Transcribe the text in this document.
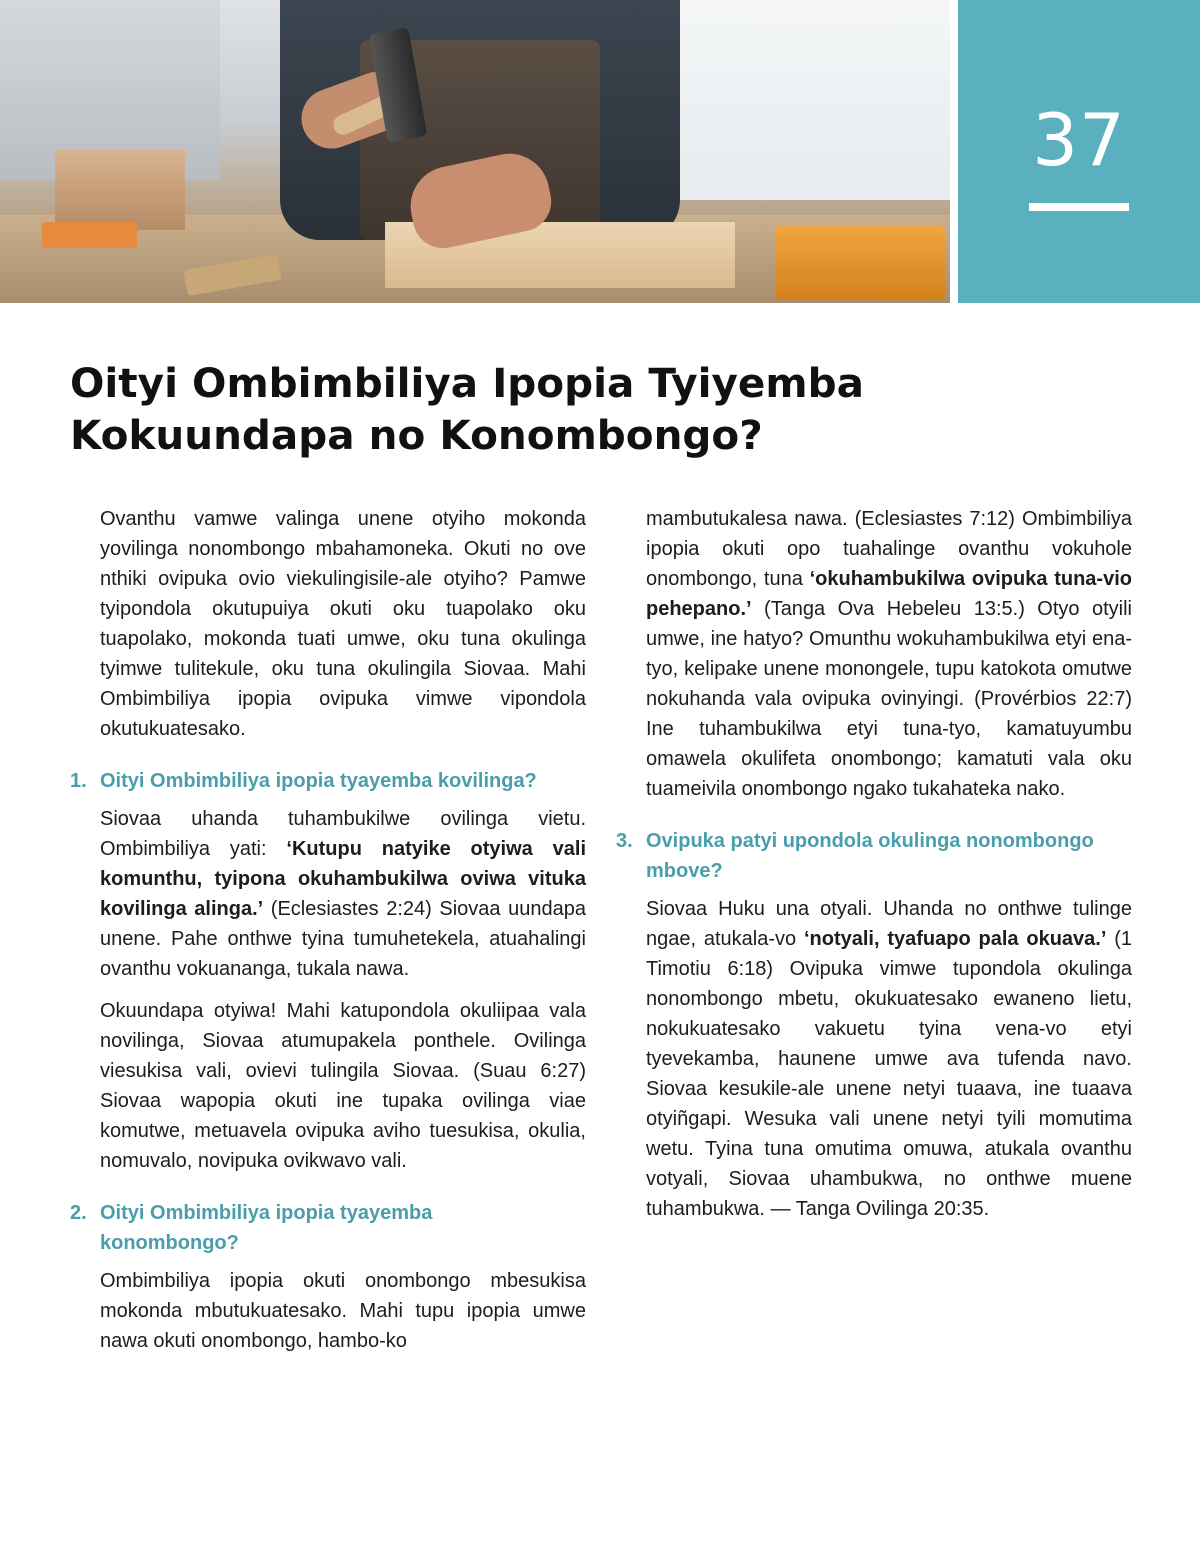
37
Oityi Ombimbiliya Ipopia Tyiyemba Kokuundapa no Konombongo?

Ovanthu vamwe valinga unene otyiho mokonda yovilinga nonombongo mbahamoneka. Okuti no ove nthiki ovipuka ovio viekulingisile-ale otyiho? Pamwe tyipondola okutupuiya okuti oku tuapolako oku tuapolako, mokonda tuati umwe, oku tuna okulinga tyimwe tulitekule, oku tuna okulingila Siovaa. Mahi Ombimbiliya ipopia ovipuka vimwe vipondola okutukuatesako.

1. Oityi Ombimbiliya ipopia tyayemba kovilinga?

Siovaa uhanda tuhambukilwe ovilinga vietu. Ombimbiliya yati: ‘Kutupu natyike otyiwa vali komunthu, tyipona okuhambukilwa oviwa vituka kovilinga alinga.’ (Eclesiastes 2:24) Siovaa uundapa unene. Pahe onthwe tyina tumuhetekela, atuahalingi ovanthu vokuananga, tukala nawa.

Okuundapa otyiwa! Mahi katupondola okuliipaa vala novilinga, Siovaa atumupakela ponthele. Ovilinga viesukisa vali, ovievi tulingila Siovaa. (Suau 6:27) Siovaa wapopia okuti ine tupaka ovilinga viae komutwe, metuavela ovipuka aviho tuesukisa, okulia, nomuvalo, novipuka ovikwavo vali.

2. Oityi Ombimbiliya ipopia tyayemba konombongo?

Ombimbiliya ipopia okuti onombongo mbesukisa mokonda mbutukuatesako. Mahi tupu ipopia umwe nawa okuti onombongo, hambo-ko

mambutukalesa nawa. (Eclesiastes 7:12) Ombimbiliya ipopia okuti opo tuahalinge ovanthu vokuhole onombongo, tuna ‘okuhambukilwa ovipuka tuna-vio pehepano.’ (Tanga Ova Hebeleu 13:5.) Otyo otyili umwe, ine hatyo? Omunthu wokuhambukilwa etyi ena-tyo, kelipake unene monongele, tupu katokota omutwe nokuhanda vala ovipuka ovinyingi. (Provérbios 22:7) Ine tuhambukilwa etyi tuna-tyo, kamatuyumbu omawela okulifeta onombongo; kamatuti vala oku tuameivila onombongo ngako tukahateka nako.

3. Ovipuka patyi upondola okulinga nonombongo mbove?

Siovaa Huku una otyali. Uhanda no onthwe tulinge ngae, atukala-vo ‘notyali, tyafuapo pala okuava.’ (1 Timotiu 6:18) Ovipuka vimwe tupondola okulinga nonombongo mbetu, okukuatesako ewaneno lietu, nokukuatesako vakuetu tyina vena-vo etyi tyevekamba, haunene umwe ava tufenda navo. Siovaa kesukile-ale unene netyi tuaava, ine tuaava otyiñgapi. Wesuka vali unene netyi tyili momutima wetu. Tyina tuna omutima omuwa, atukala ovanthu votyali, Siovaa uhambukwa, no onthwe muene tuhambukwa. — Tanga Ovilinga 20:35.
